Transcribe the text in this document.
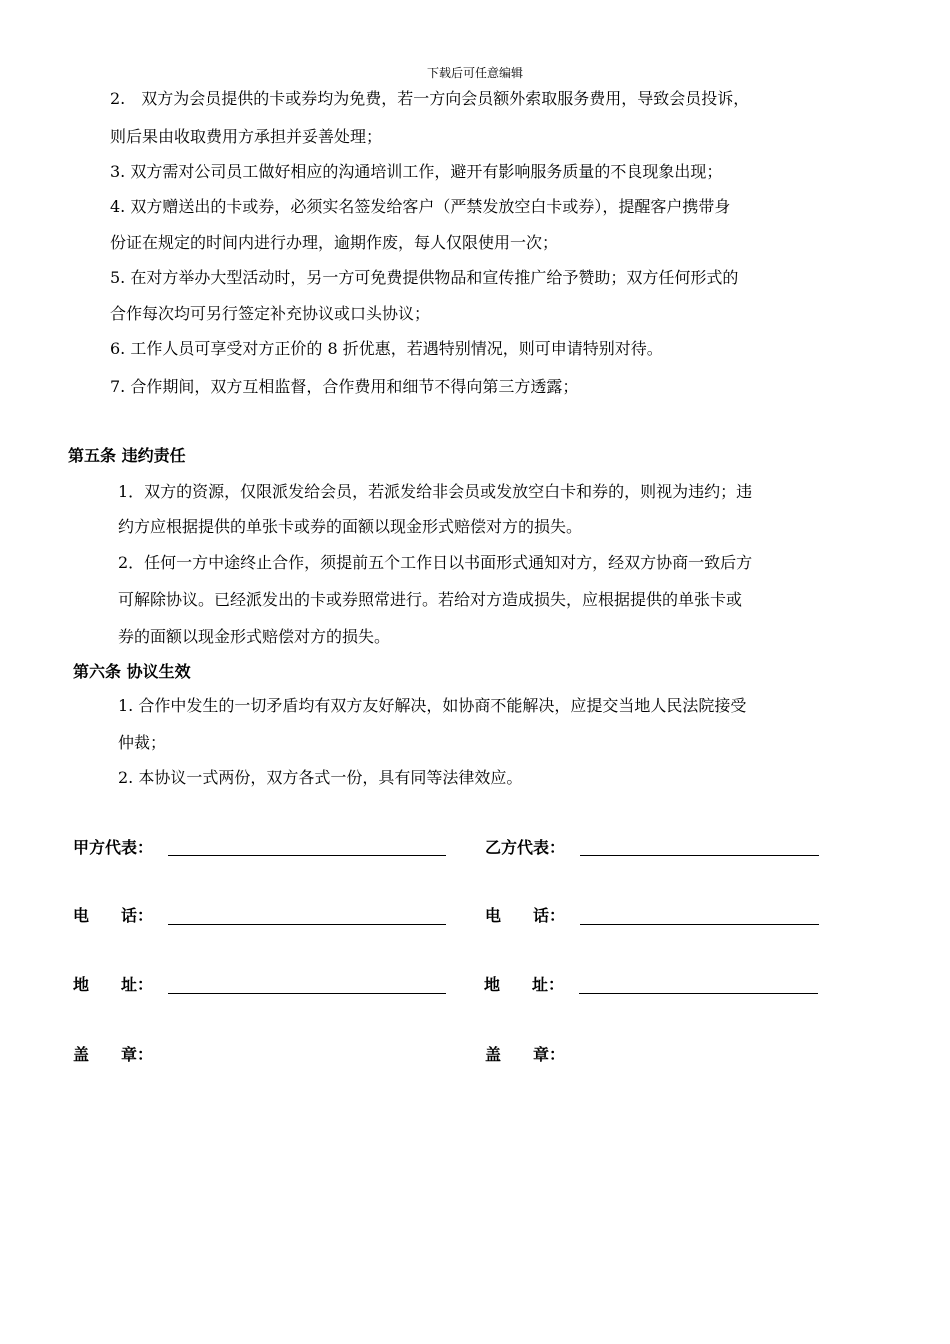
下载后可任意编辑
2.　双方为会员提供的卡或券均为免费，若一方向会员额外索取服务费用，导致会员投诉，
则后果由收取费用方承担并妥善处理；
3. 双方需对公司员工做好相应的沟通培训工作，避开有影响服务质量的不良现象出现；
4. 双方赠送出的卡或券，必须实名签发给客户（严禁发放空白卡或券），提醒客户携带身
份证在规定的时间内进行办理，逾期作废，每人仅限使用一次；
5. 在对方举办大型活动时，另一方可免费提供物品和宣传推广给予赞助；双方任何形式的
合作每次均可另行签定补充协议或口头协议；
6. 工作人员可享受对方正价的 8 折优惠，若遇特别情况，则可申请特别对待。
7. 合作期间，双方互相监督，合作费用和细节不得向第三方透露；
第五条 违约责任
1．双方的资源，仅限派发给会员，若派发给非会员或发放空白卡和券的，则视为违约；违
约方应根据提供的单张卡或券的面额以现金形式赔偿对方的损失。
2．任何一方中途终止合作，须提前五个工作日以书面形式通知对方，经双方协商一致后方
可解除协议。已经派发出的卡或券照常进行。若给对方造成损失，应根据提供的单张卡或
券的面额以现金形式赔偿对方的损失。
第六条 协议生效
1. 合作中发生的一切矛盾均有双方友好解决，如协商不能解决，应提交当地人民法院接受
仲裁；
2. 本协议一式两份，双方各式一份，具有同等法律效应。
甲方代表：
电　　话：
地　　址：
盖　　章：
乙方代表：
电　　话：
地　　址：
盖　　章：
